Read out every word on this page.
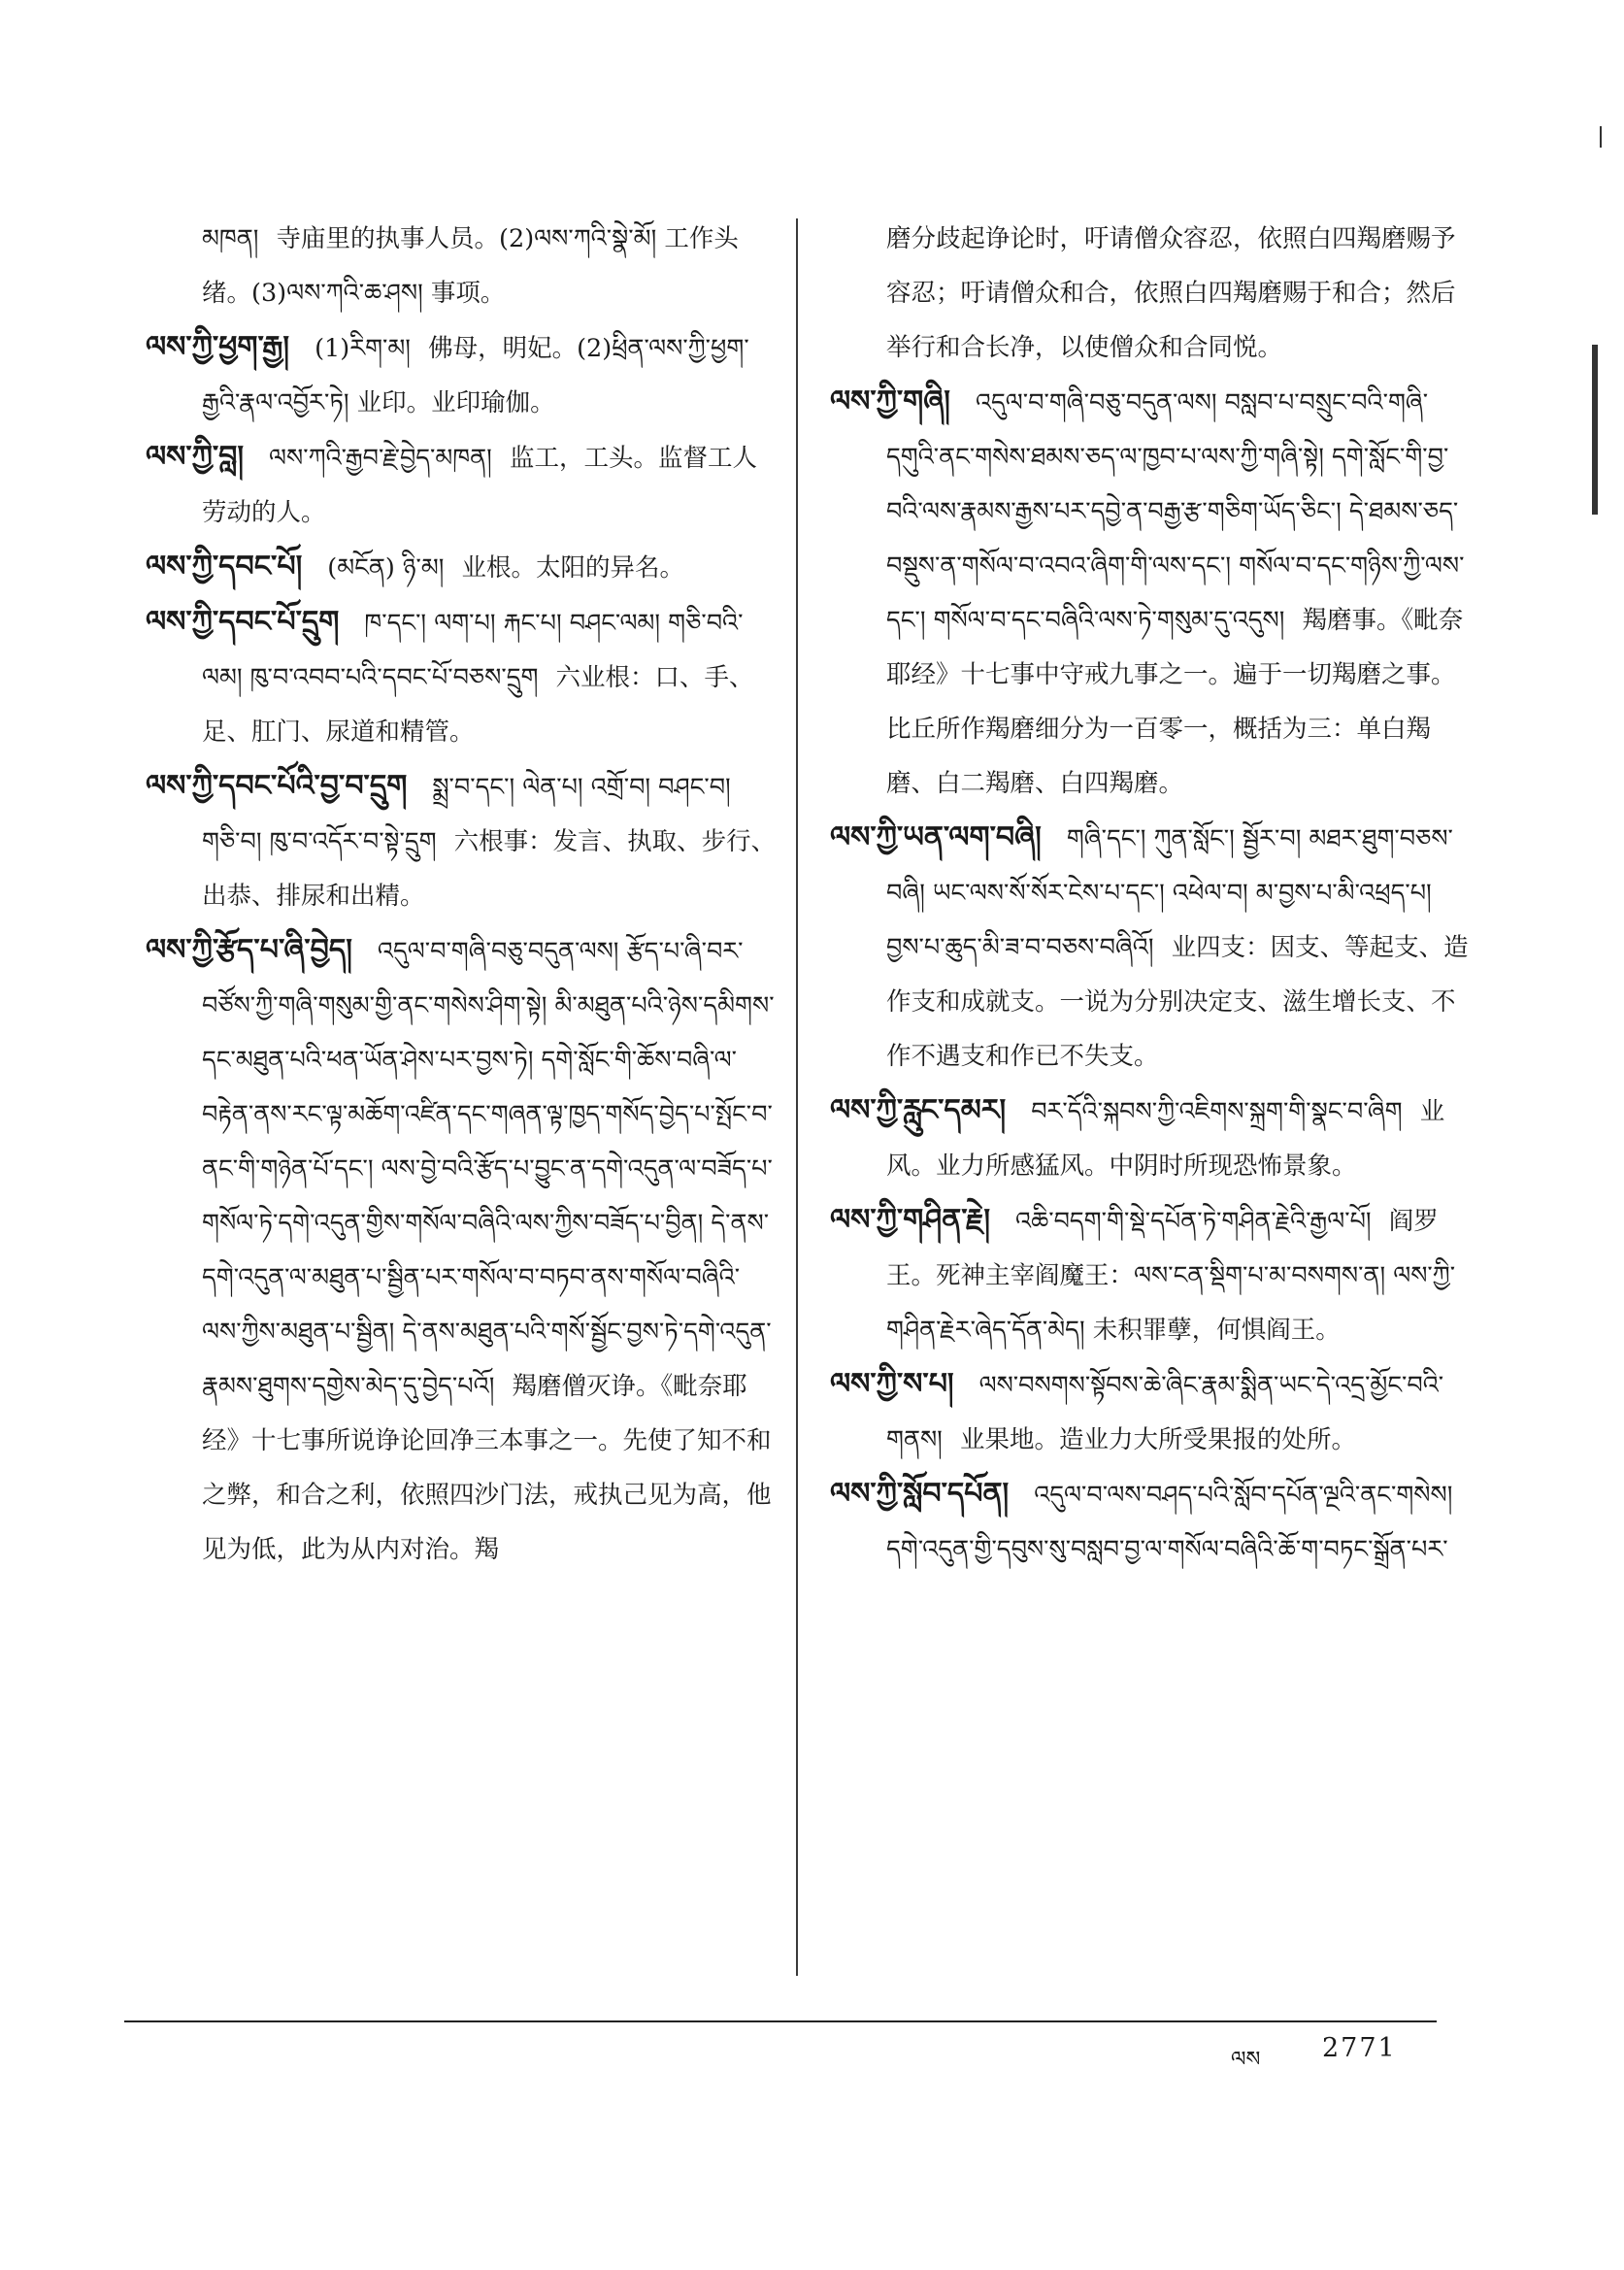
མཁན། 寺庙里的执事人员。(2)ལས་ཀའི་སྣེ་མོ། 工作头绪。(3)ལས་ཀའི་ཆ་ཤས། 事项。

ལས་ཀྱི་ཕྱག་རྒྱ། (1)རིག་མ། 佛母，明妃。(2)ཕྲིན་ལས་ཀྱི་ཕྱག་རྒྱའི་རྣལ་འབྱོར་ཏེ། 业印。业印瑜伽。

ལས་ཀྱི་བླ། ལས་ཀའི་རྒྱབ་རྗེ་བྱེད་མཁན། 监工，工头。监督工人劳动的人。

ལས་ཀྱི་དབང་པོ། (མངོན) ཉི་མ། 业根。太阳的异名。

ལས་ཀྱི་དབང་པོ་དྲུག ཁ་དང་། ལག་པ། རྐང་པ། བཤང་ལམ། གཅི་བའི་ལམ། ཁུ་བ་འབབ་པའི་དབང་པོ་བཅས་དྲུག 六业根：口、手、足、肛门、尿道和精管。

ལས་ཀྱི་དབང་པོའི་བྱ་བ་དྲུག སྨྲ་བ་དང་། ལེན་པ། འགྲོ་བ། བཤང་བ། གཅི་བ། ཁུ་བ་འདོར་བ་སྟེ་དྲུག 六根事：发言、执取、步行、出恭、排尿和出精。

ལས་ཀྱི་རྩོད་པ་ཞི་བྱེད། འདུལ་བ་གཞི་བཅུ་བདུན་ལས། རྩོད་པ་ཞི་བར་བཙོས་ཀྱི་གཞི་གསུམ་གྱི་ནང་གསེས་ཤིག་སྟེ། མི་མཐུན་པའི་ཉེས་དམིགས་དང་མཐུན་པའི་ཕན་ཡོན་ཤེས་པར་བྱས་ཏེ། དགེ་སློང་གི་ཆོས་བཞི་ལ་བརྟེན་ནས་རང་ལྟ་མཆོག་འཛིན་དང་གཞན་ལྟ་ཁྱད་གསོད་བྱེད་པ་སྤོང་བ་ནང་གི་གཉེན་པོ་དང་། ལས་བྱེ་བའི་རྩོད་པ་བྱུང་ན་དགེ་འདུན་ལ་བཟོད་པ་གསོལ་ཏེ་དགེ་འདུན་གྱིས་གསོལ་བཞིའི་ལས་ཀྱིས་བཟོད་པ་བྱིན། དེ་ནས་དགེ་འདུན་ལ་མཐུན་པ་སྦྱིན་པར་གསོལ་བ་བཏབ་ནས་གསོལ་བཞིའི་ལས་ཀྱིས་མཐུན་པ་སྦྱིན། དེ་ནས་མཐུན་པའི་གསོ་སྦྱོང་བྱས་ཏེ་དགེ་འདུན་རྣམས་ཐུགས་དགྱེས་མེད་དུ་བྱེད་པའོ། 羯磨僧灭诤。《毗奈耶经》十七事所说诤论回净三本事之一。先使了知不和之弊，和合之利，依照四沙门法，戒执己见为高，他见为低，此为从内对治。羯

磨分歧起诤论时，吁请僧众容忍，依照白四羯磨赐予容忍；吁请僧众和合，依照白四羯磨赐于和合；然后举行和合长净，以使僧众和合同悦。

ལས་ཀྱི་གཞི། འདུལ་བ་གཞི་བཅུ་བདུན་ལས། བསླབ་པ་བསྲུང་བའི་གཞི་དགུའི་ནང་གསེས་ཐམས་ཅད་ལ་ཁྱབ་པ་ལས་ཀྱི་གཞི་སྟེ། དགེ་སློང་གི་བྱ་བའི་ལས་རྣམས་རྒྱས་པར་དབྱེ་ན་བརྒྱ་རྩ་གཅིག་ཡོད་ཅིང་། དེ་ཐམས་ཅད་བསྡུས་ན་གསོལ་བ་འབའ་ཞིག་གི་ལས་དང་། གསོལ་བ་དང་གཉིས་ཀྱི་ལས་དང་། གསོལ་བ་དང་བཞིའི་ལས་ཏེ་གསུམ་དུ་འདུས། 羯磨事。《毗奈耶经》十七事中守戒九事之一。遍于一切羯磨之事。比丘所作羯磨细分为一百零一，概括为三：单白羯磨、白二羯磨、白四羯磨。

ལས་ཀྱི་ཡན་ལག་བཞི། གཞི་དང་། ཀུན་སློང་། སྦྱོར་བ། མཐར་ཐུག་བཅས་བཞི། ཡང་ལས་སོ་སོར་ངེས་པ་དང་། འཕེལ་བ། མ་བྱས་པ་མི་འཕྲད་པ། བྱས་པ་ཆུད་མི་ཟ་བ་བཅས་བཞིའོ། 业四支：因支、等起支、造作支和成就支。一说为分别决定支、滋生增长支、不作不遇支和作已不失支。

ལས་ཀྱི་རླུང་དམར། བར་དོའི་སྐབས་ཀྱི་འཇིགས་སྐྲག་གི་སྣང་བ་ཞིག 业风。业力所感猛风。中阴时所现恐怖景象。

ལས་ཀྱི་གཤིན་རྗེ། འཆི་བདག་གི་སྡེ་དཔོན་ཏེ་གཤིན་རྗེའི་རྒྱལ་པོ། 阎罗王。死神主宰阎魔王：ལས་ངན་སྡིག་པ་མ་བསགས་ན། ལས་ཀྱི་གཤིན་རྗེར་ཞེད་དོན་མེད། 未积罪孽，何惧阎王。

ལས་ཀྱི་ས་པ། ལས་བསགས་སྟོབས་ཆེ་ཞིང་རྣམ་སྨིན་ཡང་དེ་འདྲ་མྱོང་བའི་གནས། 业果地。造业力大所受果报的处所。

ལས་ཀྱི་སློབ་དཔོན། འདུལ་བ་ལས་བཤད་པའི་སློབ་དཔོན་ལྔའི་ནང་གསེས། དགེ་འདུན་གྱི་དབུས་སུ་བསླབ་བྱ་ལ་གསོལ་བཞིའི་ཆོ་ག་བཏང་སྒྲོན་པར་

ལས 2771
